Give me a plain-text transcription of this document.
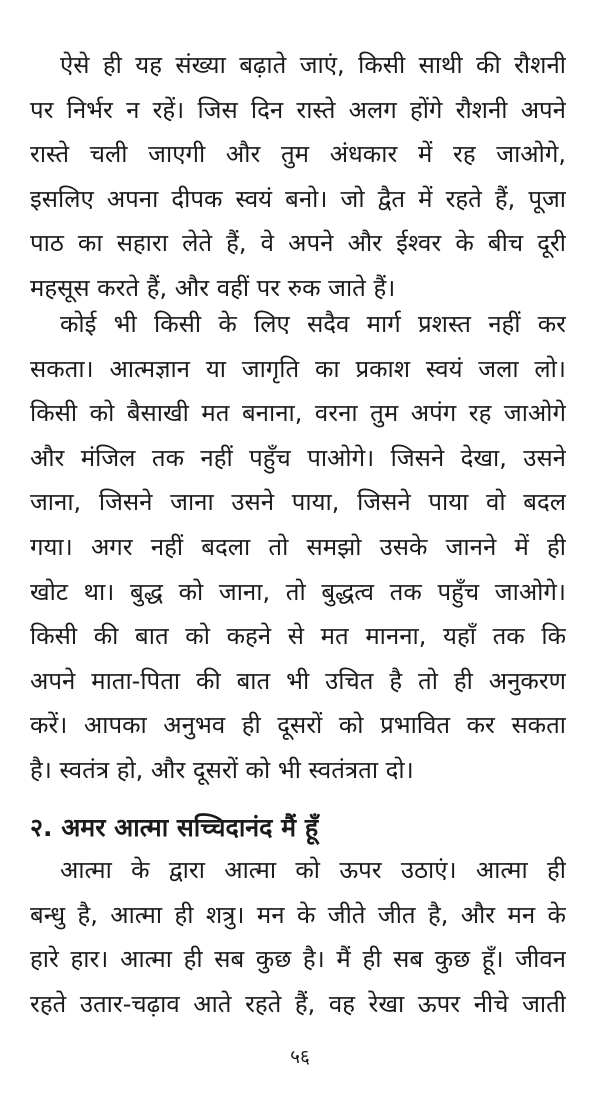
ऐसे ही यह संख्या बढ़ाते जाएं, किसी साथी की रौशनी
पर निर्भर न रहें। जिस दिन रास्ते अलग होंगे रौशनी अपने
रास्ते चली जाएगी और तुम अंधकार में रह जाओगे,
इसलिए अपना दीपक स्वयं बनो। जो द्वैत में रहते हैं, पूजा
पाठ का सहारा लेते हैं, वे अपने और ईश्वर के बीच दूरी
महसूस करते हैं, और वहीं पर रुक जाते हैं।
कोई भी किसी के लिए सदैव मार्ग प्रशस्त नहीं कर
सकता। आत्मज्ञान या जागृति का प्रकाश स्वयं जला लो।
किसी को बैसाखी मत बनाना, वरना तुम अपंग रह जाओगे
और मंजिल तक नहीं पहुँच पाओगे। जिसने देखा, उसने
जाना, जिसने जाना उसने पाया, जिसने पाया वो बदल
गया। अगर नहीं बदला तो समझो उसके जानने में ही
खोट था। बुद्ध को जाना, तो बुद्धत्व तक पहुँच जाओगे।
किसी की बात को कहने से मत मानना, यहाँ तक कि
अपने माता-पिता की बात भी उचित है तो ही अनुकरण
करें। आपका अनुभव ही दूसरों को प्रभावित कर सकता
है। स्वतंत्र हो, और दूसरों को भी स्वतंत्रता दो।
२. अमर आत्मा सच्चिदानंद मैं हूँ
आत्मा के द्वारा आत्मा को ऊपर उठाएं। आत्मा ही
बन्धु है, आत्मा ही शत्रु। मन के जीते जीत है, और मन के
हारे हार। आत्मा ही सब कुछ है। मैं ही सब कुछ हूँ। जीवन
रहते उतार-चढ़ाव आते रहते हैं, वह रेखा ऊपर नीचे जाती
५६
